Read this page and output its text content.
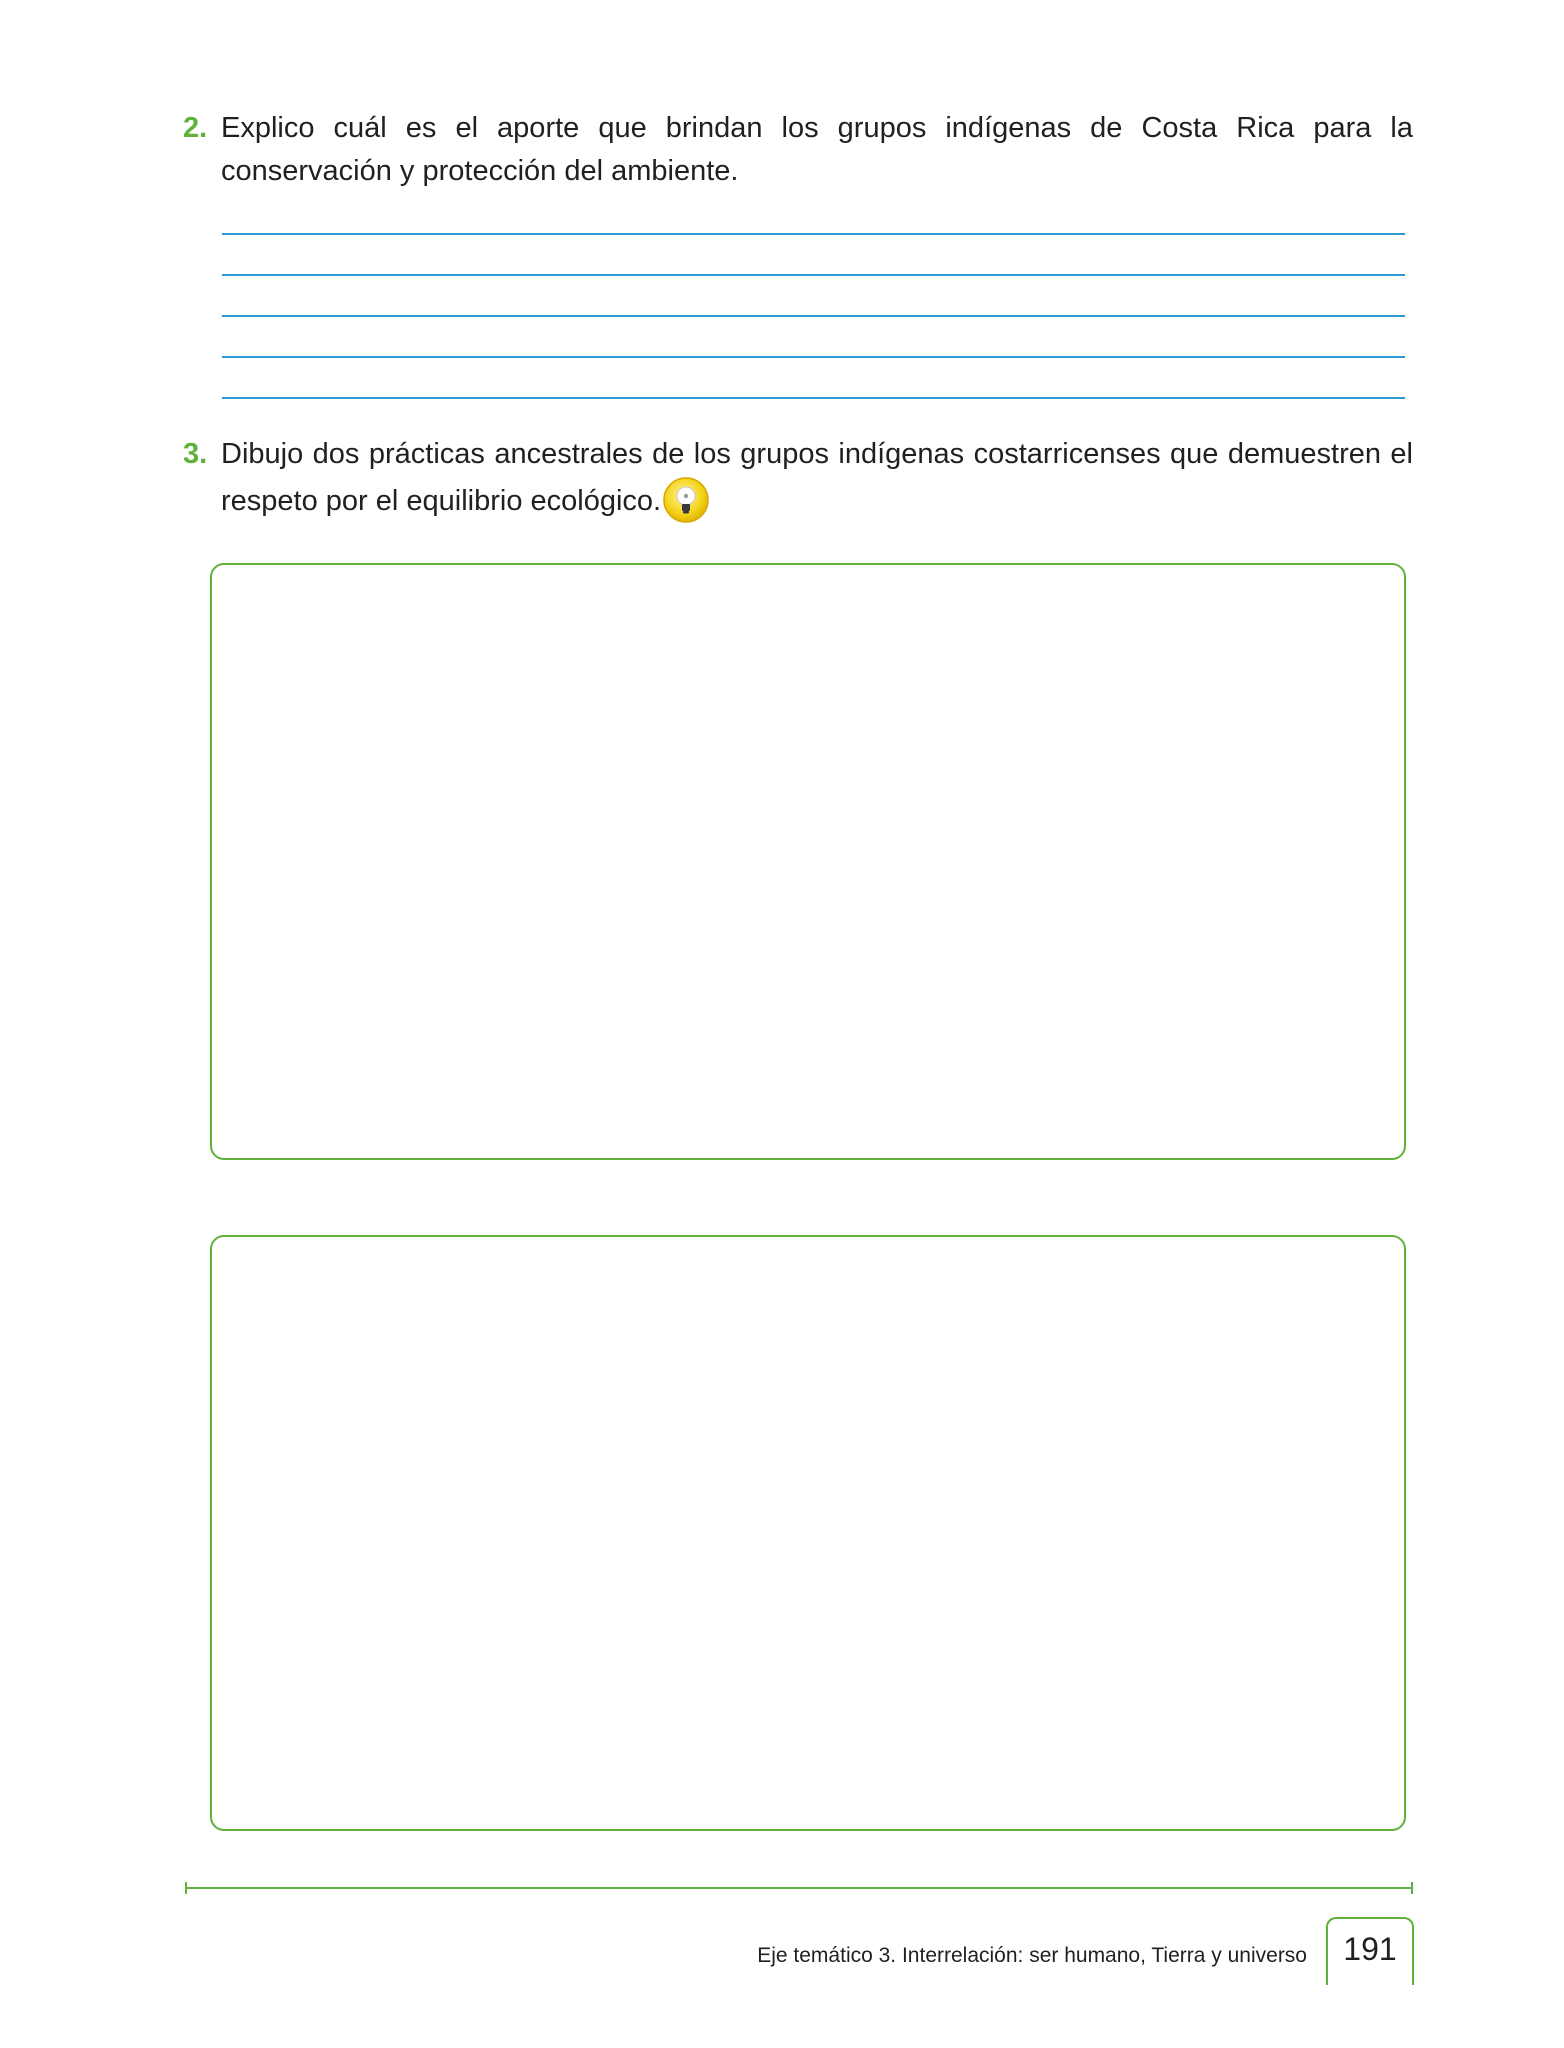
2. Explico cuál es el aporte que brindan los grupos indígenas de Costa Rica para la conservación y protección del ambiente.
3. Dibujo dos prácticas ancestrales de los grupos indígenas costarricenses que demuestren el respeto por el equilibrio ecológico.
Eje temático 3. Interrelación: ser humano, Tierra y universo	191
